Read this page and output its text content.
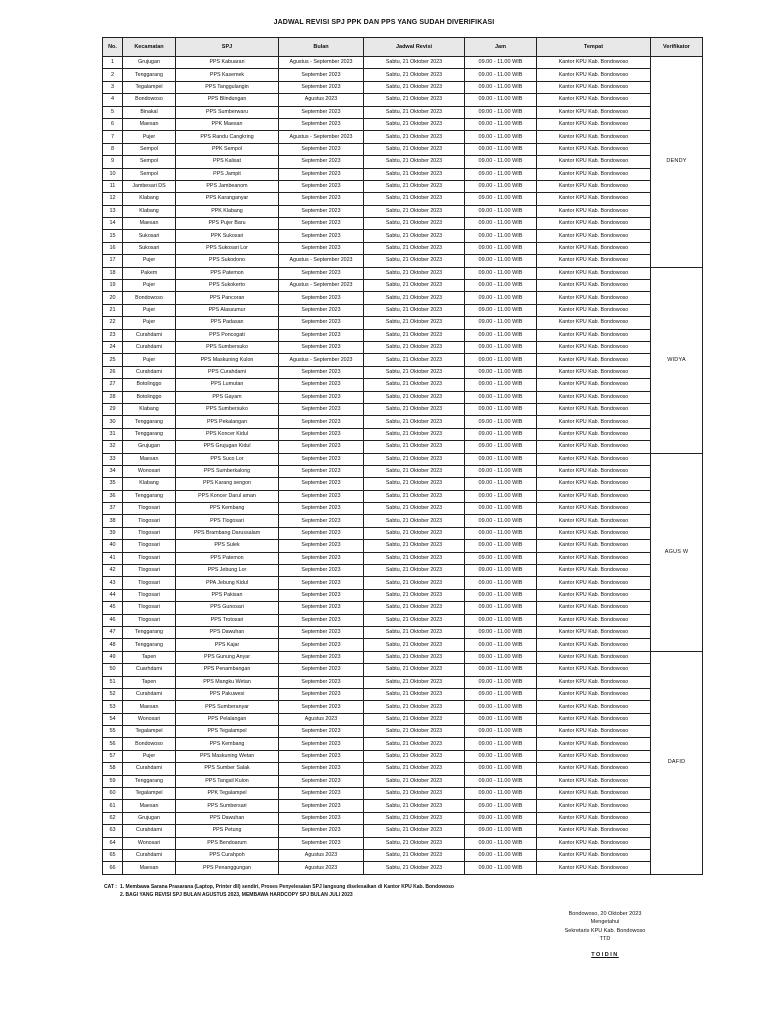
JADWAL REVISI SPJ PPK DAN PPS YANG SUDAH DIVERIFIKASI
No.	Kecamatan	SPJ	Bulan	Jadwal Revisi	Jam	Tempat	Verifikator
1	Grujugan	PPS Kabuaran	Agustus - September 2023	Sabtu, 21 Oktober 2023	09.00 - 11.00 WIB	Kantor KPU Kab. Bondowoso	DENDY
2	Tenggarang	PPS Kasemek	September 2023	Sabtu, 21 Oktober 2023	09.00 - 11.00 WIB	Kantor KPU Kab. Bondowoso	
3	Tegalampel	PPS Tanggulangin	September 2023	Sabtu, 21 Oktober 2023	09.00 - 11.00 WIB	Kantor KPU Kab. Bondowoso	
4	Bondowoso	PPS Blindungan	Agustus 2023	Sabtu, 21 Oktober 2023	09.00 - 11.00 WIB	Kantor KPU Kab. Bondowoso	
5	Binakal	PPS Sumberwaru	September 2023	Sabtu, 21 Oktober 2023	09.00 - 11.00 WIB	Kantor KPU Kab. Bondowoso	
6	Maesan	PPK Maesan	September 2023	Sabtu, 21 Oktober 2023	09.00 - 11.00 WIB	Kantor KPU Kab. Bondowoso	
7	Pujer	PPS Randu Cangkring	Agustus - September 2023	Sabtu, 21 Oktober 2023	09.00 - 11.00 WIB	Kantor KPU Kab. Bondowoso	
8	Sempol	PPK Sempol	September 2023	Sabtu, 21 Oktober 2023	09.00 - 11.00 WIB	Kantor KPU Kab. Bondowoso	
9	Sempol	PPS Kalisat	September 2023	Sabtu, 21 Oktober 2023	09.00 - 11.00 WIB	Kantor KPU Kab. Bondowoso	
10	Sempol	PPS Jampit	September 2023	Sabtu, 21 Oktober 2023	09.00 - 11.00 WIB	Kantor KPU Kab. Bondowoso	
11	Jambesari DS	PPS Jambeanom	September 2023	Sabtu, 21 Oktober 2023	09.00 - 11.00 WIB	Kantor KPU Kab. Bondowoso	
12	Klabang	PPS Karanganyar	September 2023	Sabtu, 21 Oktober 2023	09.00 - 11.00 WIB	Kantor KPU Kab. Bondowoso	
13	Klabang	PPK Klabang	September 2023	Sabtu, 21 Oktober 2023	09.00 - 11.00 WIB	Kantor KPU Kab. Bondowoso	
14	Maesan	PPS Pujer Baru	September 2023	Sabtu, 21 Oktober 2023	09.00 - 11.00 WIB	Kantor KPU Kab. Bondowoso	
15	Sukosari	PPK Sukosari	September 2023	Sabtu, 21 Oktober 2023	09.00 - 11.00 WIB	Kantor KPU Kab. Bondowoso	
16	Sukosari	PPS Sukosari Lor	September 2023	Sabtu, 21 Oktober 2023	09.00 - 11.00 WIB	Kantor KPU Kab. Bondowoso	
17	Pujer	PPS Sukodono	Agustus - September 2023	Sabtu, 21 Oktober 2023	09.00 - 11.00 WIB	Kantor KPU Kab. Bondowoso	
18	Pakem	PPS Patemon	September 2023	Sabtu, 21 Oktober 2023	09.00 - 11.00 WIB	Kantor KPU Kab. Bondowoso	WIDYA
19	Pujer	PPS Sukokerto	Agustus - September 2023	Sabtu, 21 Oktober 2023	09.00 - 11.00 WIB	Kantor KPU Kab. Bondowoso	
20	Bondowoso	PPS Pancoran	September 2023	Sabtu, 21 Oktober 2023	09.00 - 11.00 WIB	Kantor KPU Kab. Bondowoso	
21	Pujer	PPS Alassumur	September 2023	Sabtu, 21 Oktober 2023	09.00 - 11.00 WIB	Kantor KPU Kab. Bondowoso	
22	Pujer	PPS Padasan	September 2023	Sabtu, 21 Oktober 2023	09.00 - 11.00 WIB	Kantor KPU Kab. Bondowoso	
23	Curahdami	PPS Poncogati	September 2023	Sabtu, 21 Oktober 2023	09.00 - 11.00 WIB	Kantor KPU Kab. Bondowoso	
24	Curahdami	PPS Sumbersuko	September 2023	Sabtu, 21 Oktober 2023	09.00 - 11.00 WIB	Kantor KPU Kab. Bondowoso	
25	Pujer	PPS Maskuning Kulon	Agustus - September 2023	Sabtu, 21 Oktober 2023	09.00 - 11.00 WIB	Kantor KPU Kab. Bondowoso	
26	Curahdami	PPS Curahdami	September 2023	Sabtu, 21 Oktober 2023	09.00 - 11.00 WIB	Kantor KPU Kab. Bondowoso	
27	Botolinggo	PPS Lumutan	September 2023	Sabtu, 21 Oktober 2023	09.00 - 11.00 WIB	Kantor KPU Kab. Bondowoso	
28	Botolinggo	PPS Gayam	September 2023	Sabtu, 21 Oktober 2023	09.00 - 11.00 WIB	Kantor KPU Kab. Bondowoso	
29	Klabang	PPS Sumbersuko	September 2023	Sabtu, 21 Oktober 2023	09.00 - 11.00 WIB	Kantor KPU Kab. Bondowoso	
30	Tenggarang	PPS Pekalangan	September 2023	Sabtu, 21 Oktober 2023	09.00 - 11.00 WIB	Kantor KPU Kab. Bondowoso	
31	Tenggarang	PPS Koncer Kidul	September 2023	Sabtu, 21 Oktober 2023	09.00 - 11.00 WIB	Kantor KPU Kab. Bondowoso	
32	Grujugan	PPS Grujugan Kidul	September 2023	Sabtu, 21 Oktober 2023	09.00 - 11.00 WIB	Kantor KPU Kab. Bondowoso	
33	Maesan	PPS Suco Lor	September 2023	Sabtu, 21 Oktober 2023	09.00 - 11.00 WIB	Kantor KPU Kab. Bondowoso	AGUS W
34	Wonosari	PPS Sumberkalong	September 2023	Sabtu, 21 Oktober 2023	09.00 - 11.00 WIB	Kantor KPU Kab. Bondowoso	
35	Klabang	PPS Karang sengon	September 2023	Sabtu, 21 Oktober 2023	09.00 - 11.00 WIB	Kantor KPU Kab. Bondowoso	
36	Tenggarang	PPS Koncer Darul aman	September 2023	Sabtu, 21 Oktober 2023	09.00 - 11.00 WIB	Kantor KPU Kab. Bondowoso	
37	Tlogosari	PPS Kembang	September 2023	Sabtu, 21 Oktober 2023	09.00 - 11.00 WIB	Kantor KPU Kab. Bondowoso	
38	Tlogosari	PPS Tlogosari	September 2023	Sabtu, 21 Oktober 2023	09.00 - 11.00 WIB	Kantor KPU Kab. Bondowoso	
39	Tlogosari	PPS Brambang Darussalam	September 2023	Sabtu, 21 Oktober 2023	09.00 - 11.00 WIB	Kantor KPU Kab. Bondowoso	
40	Tlogosari	PPS Sulek	September 2023	Sabtu, 21 Oktober 2023	09.00 - 11.00 WIB	Kantor KPU Kab. Bondowoso	
41	Tlogosari	PPS Patemon	September 2023	Sabtu, 21 Oktober 2023	09.00 - 11.00 WIB	Kantor KPU Kab. Bondowoso	
42	Tlogosari	PPS Jebung Lor	September 2023	Sabtu, 21 Oktober 2023	09.00 - 11.00 WIB	Kantor KPU Kab. Bondowoso	
43	Tlogosari	PPA Jebung Kidul	September 2023	Sabtu, 21 Oktober 2023	09.00 - 11.00 WIB	Kantor KPU Kab. Bondowoso	
44	Tlogosari	PPS Pakisan	September 2023	Sabtu, 21 Oktober 2023	09.00 - 11.00 WIB	Kantor KPU Kab. Bondowoso	
45	Tlogosari	PPS Gunosari	September 2023	Sabtu, 21 Oktober 2023	09.00 - 11.00 WIB	Kantor KPU Kab. Bondowoso	
46	Tlogosari	PPS Trotosari	September 2023	Sabtu, 21 Oktober 2023	09.00 - 11.00 WIB	Kantor KPU Kab. Bondowoso	
47	Tenggarang	PPS Dawuhan	September 2023	Sabtu, 21 Oktober 2023	09.00 - 11.00 WIB	Kantor KPU Kab. Bondowoso	
48	Tenggarang	PPS Kajar	September 2023	Sabtu, 21 Oktober 2023	09.00 - 11.00 WIB	Kantor KPU Kab. Bondowoso	
49	Tapen	PPS Gunung Anyar	September 2023	Sabtu, 21 Oktober 2023	09.00 - 11.00 WIB	Kantor KPU Kab. Bondowoso	DAFID
50	Cuarhdami	PPS Penambangan	September 2023	Sabtu, 21 Oktober 2023	09.00 - 11.00 WIB	Kantor KPU Kab. Bondowoso	
51	Tapen	PPS Mangku Wetan	September 2023	Sabtu, 21 Oktober 2023	09.00 - 11.00 WIB	Kantor KPU Kab. Bondowoso	
52	Curahdami	PPS Pakuwesi	September 2023	Sabtu, 21 Oktober 2023	09.00 - 11.00 WIB	Kantor KPU Kab. Bondowoso	
53	Maesan	PPS Sumberanyar	September 2023	Sabtu, 21 Oktober 2023	09.00 - 11.00 WIB	Kantor KPU Kab. Bondowoso	
54	Wonosari	PPS Pelalangan	Agustus 2023	Sabtu, 21 Oktober 2023	09.00 - 11.00 WIB	Kantor KPU Kab. Bondowoso	
55	Tegalampel	PPS Tegalampel	September 2023	Sabtu, 21 Oktober 2023	09.00 - 11.00 WIB	Kantor KPU Kab. Bondowoso	
56	Bondowoso	PPS Kembang	September 2023	Sabtu, 21 Oktober 2023	09.00 - 11.00 WIB	Kantor KPU Kab. Bondowoso	
57	Pujer	PPS Maskuning Wetan	September 2023	Sabtu, 21 Oktober 2023	09.00 - 11.00 WIB	Kantor KPU Kab. Bondowoso	
58	Curahdami	PPS Sumber Salak	September 2023	Sabtu, 21 Oktober 2023	09.00 - 11.00 WIB	Kantor KPU Kab. Bondowoso	
59	Tenggarang	PPS Tangsil Kulon	September 2023	Sabtu, 21 Oktober 2023	09.00 - 11.00 WIB	Kantor KPU Kab. Bondowoso	
60	Tegalampel	PPK Tegalampel	September 2023	Sabtu, 21 Oktober 2023	09.00 - 11.00 WIB	Kantor KPU Kab. Bondowoso	
61	Maesan	PPS Sumbersari	September 2023	Sabtu, 21 Oktober 2023	09.00 - 11.00 WIB	Kantor KPU Kab. Bondowoso	
62	Grujugan	PPS Dawuhan	September 2023	Sabtu, 21 Oktober 2023	09.00 - 11.00 WIB	Kantor KPU Kab. Bondowoso	
63	Curahdami	PPS Petung	September 2023	Sabtu, 21 Oktober 2023	09.00 - 11.00 WIB	Kantor KPU Kab. Bondowoso	
64	Wonosari	PPS Bendoarum	September 2023	Sabtu, 21 Oktober 2023	09.00 - 11.00 WIB	Kantor KPU Kab. Bondowoso	
65	Curahdami	PPS Curahpoh	Agustus 2023	Sabtu, 21 Oktober 2023	09.00 - 11.00 WIB	Kantor KPU Kab. Bondowoso	
66	Maesan	PPS Penanggungan	Agustus 2023	Sabtu, 21 Oktober 2023	09.00 - 11.00 WIB	Kantor KPU Kab. Bondowoso	
CAT : 1. Membawa Sarana Prasarana (Laptop, Printer dll) sendiri, Proses Penyelesaian SPJ langsung diselesaikan di Kantor KPU Kab. Bondowoso
2. BAGI YANG REVISI SPJ BULAN AGUSTUS 2023, MEMBAWA HARDCOPY SPJ BULAN JULI 2023
Bondowoso, 20 Oktober 2023
Mengetahui
Sekretaris KPU Kab. Bondowoso
TTD
TOIDIN
